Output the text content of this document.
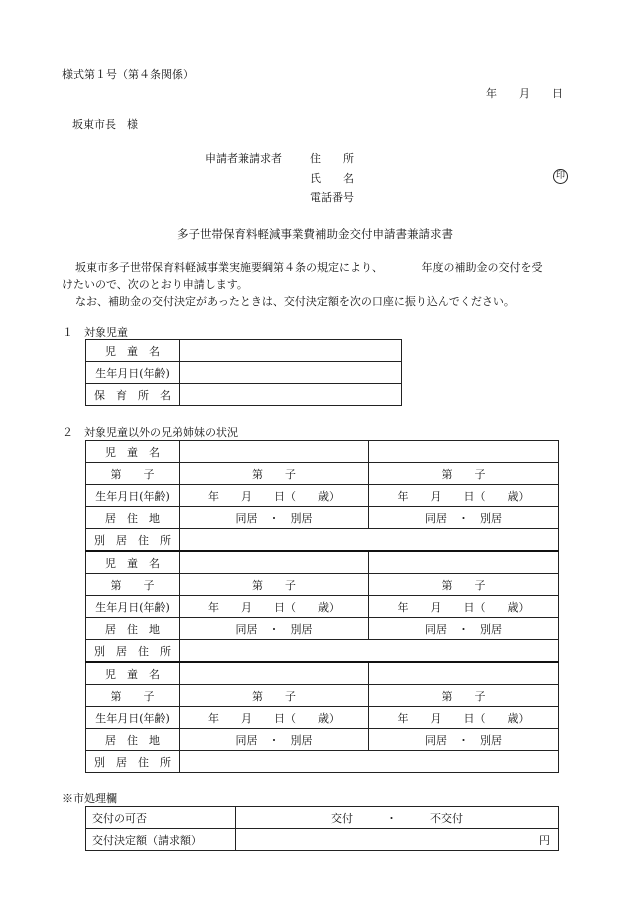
様式第１号（第４条関係）
年　　月　　日
坂東市長　様
申請者兼請求者	住　　所
氏　　名	印
電話番号
多子世帯保育料軽減事業費補助金交付申請書兼請求書
坂東市多子世帯保育料軽減事業実施要綱第４条の規定により、　　　　年度の補助金の交付を受
けたいので、次のとおり申請します。
なお、補助金の交付決定があったときは、交付決定額を次の口座に振り込んでください。
１　対象児童
児　童　名	
生年月日(年齢)	
保　育　所　名	
２　対象児童以外の兄弟姉妹の状況
児　童　名		
第　　子	第　　子	第　　子
生年月日(年齢)	年　　月　　日（　　歳）	年　　月　　日（　　歳）
居　住　地	同居　・　別居	同居　・　別居
別　居　住　所		
児　童　名		
第　　子	第　　子	第　　子
生年月日(年齢)	年　　月　　日（　　歳）	年　　月　　日（　　歳）
居　住　地	同居　・　別居	同居　・　別居
別　居　住　所		
児　童　名		
第　　子	第　　子	第　　子
生年月日(年齢)	年　　月　　日（　　歳）	年　　月　　日（　　歳）
居　住　地	同居　・　別居	同居　・　別居
別　居　住　所		
※市処理欄
交付の可否	交付　　　・　　　不交付
交付決定額（請求額）	円
